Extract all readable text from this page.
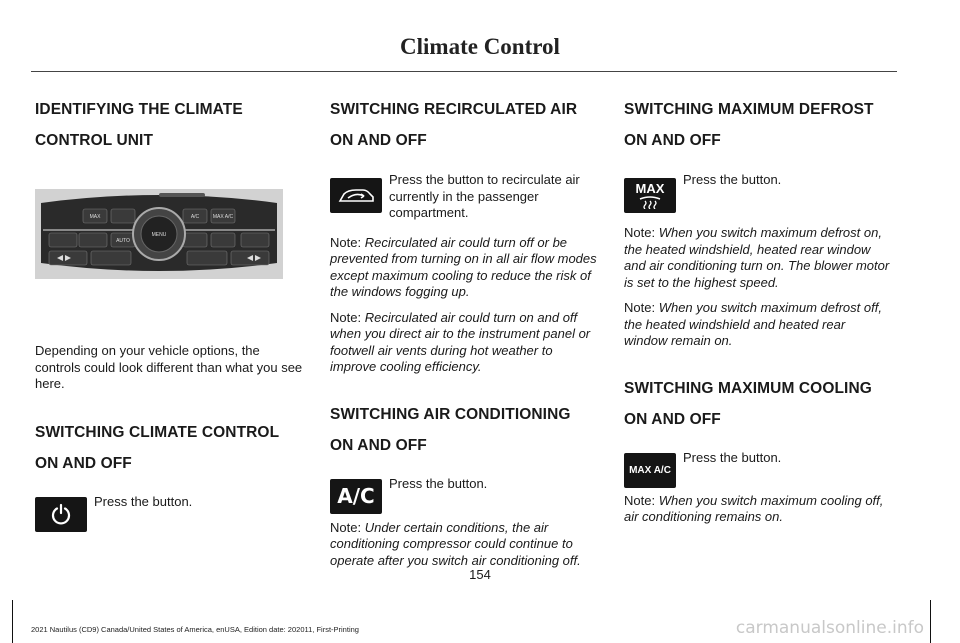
Climate Control
IDENTIFYING THE CLIMATE
CONTROL UNIT
MAX	A/C	MAX A/C
AUTO
MENU

Depending on your vehicle options, the controls could look different than what you see here.

SWITCHING CLIMATE CONTROL
ON AND OFF
Press the button.
SWITCHING RECIRCULATED AIR
ON AND OFF
Press the button to recirculate air currently in the passenger compartment.

Note: Recirculated air could turn off or be prevented from turning on in all air flow modes except maximum cooling to reduce the risk of the windows fogging up.

Note: Recirculated air could turn on and off when you direct air to the instrument panel or footwell air vents during hot weather to improve cooling efficiency.

SWITCHING AIR CONDITIONING
ON AND OFF
A/C
Press the button.

Note: Under certain conditions, the air conditioning compressor could continue to operate after you switch air conditioning off.

SWITCHING MAXIMUM DEFROST
ON AND OFF
MAX
Press the button.

Note: When you switch maximum defrost on, the heated windshield, heated rear window and air conditioning turn on. The blower motor is set to the highest speed.

Note: When you switch maximum defrost off, the heated windshield and heated rear window remain on.

SWITCHING MAXIMUM COOLING
ON AND OFF
MAX A/C
Press the button.

Note: When you switch maximum cooling off, air conditioning remains on.

154
2021 Nautilus (CD9) Canada/United States of America, enUSA, Edition date: 202011, First-Printing	carmanualsonline.info
